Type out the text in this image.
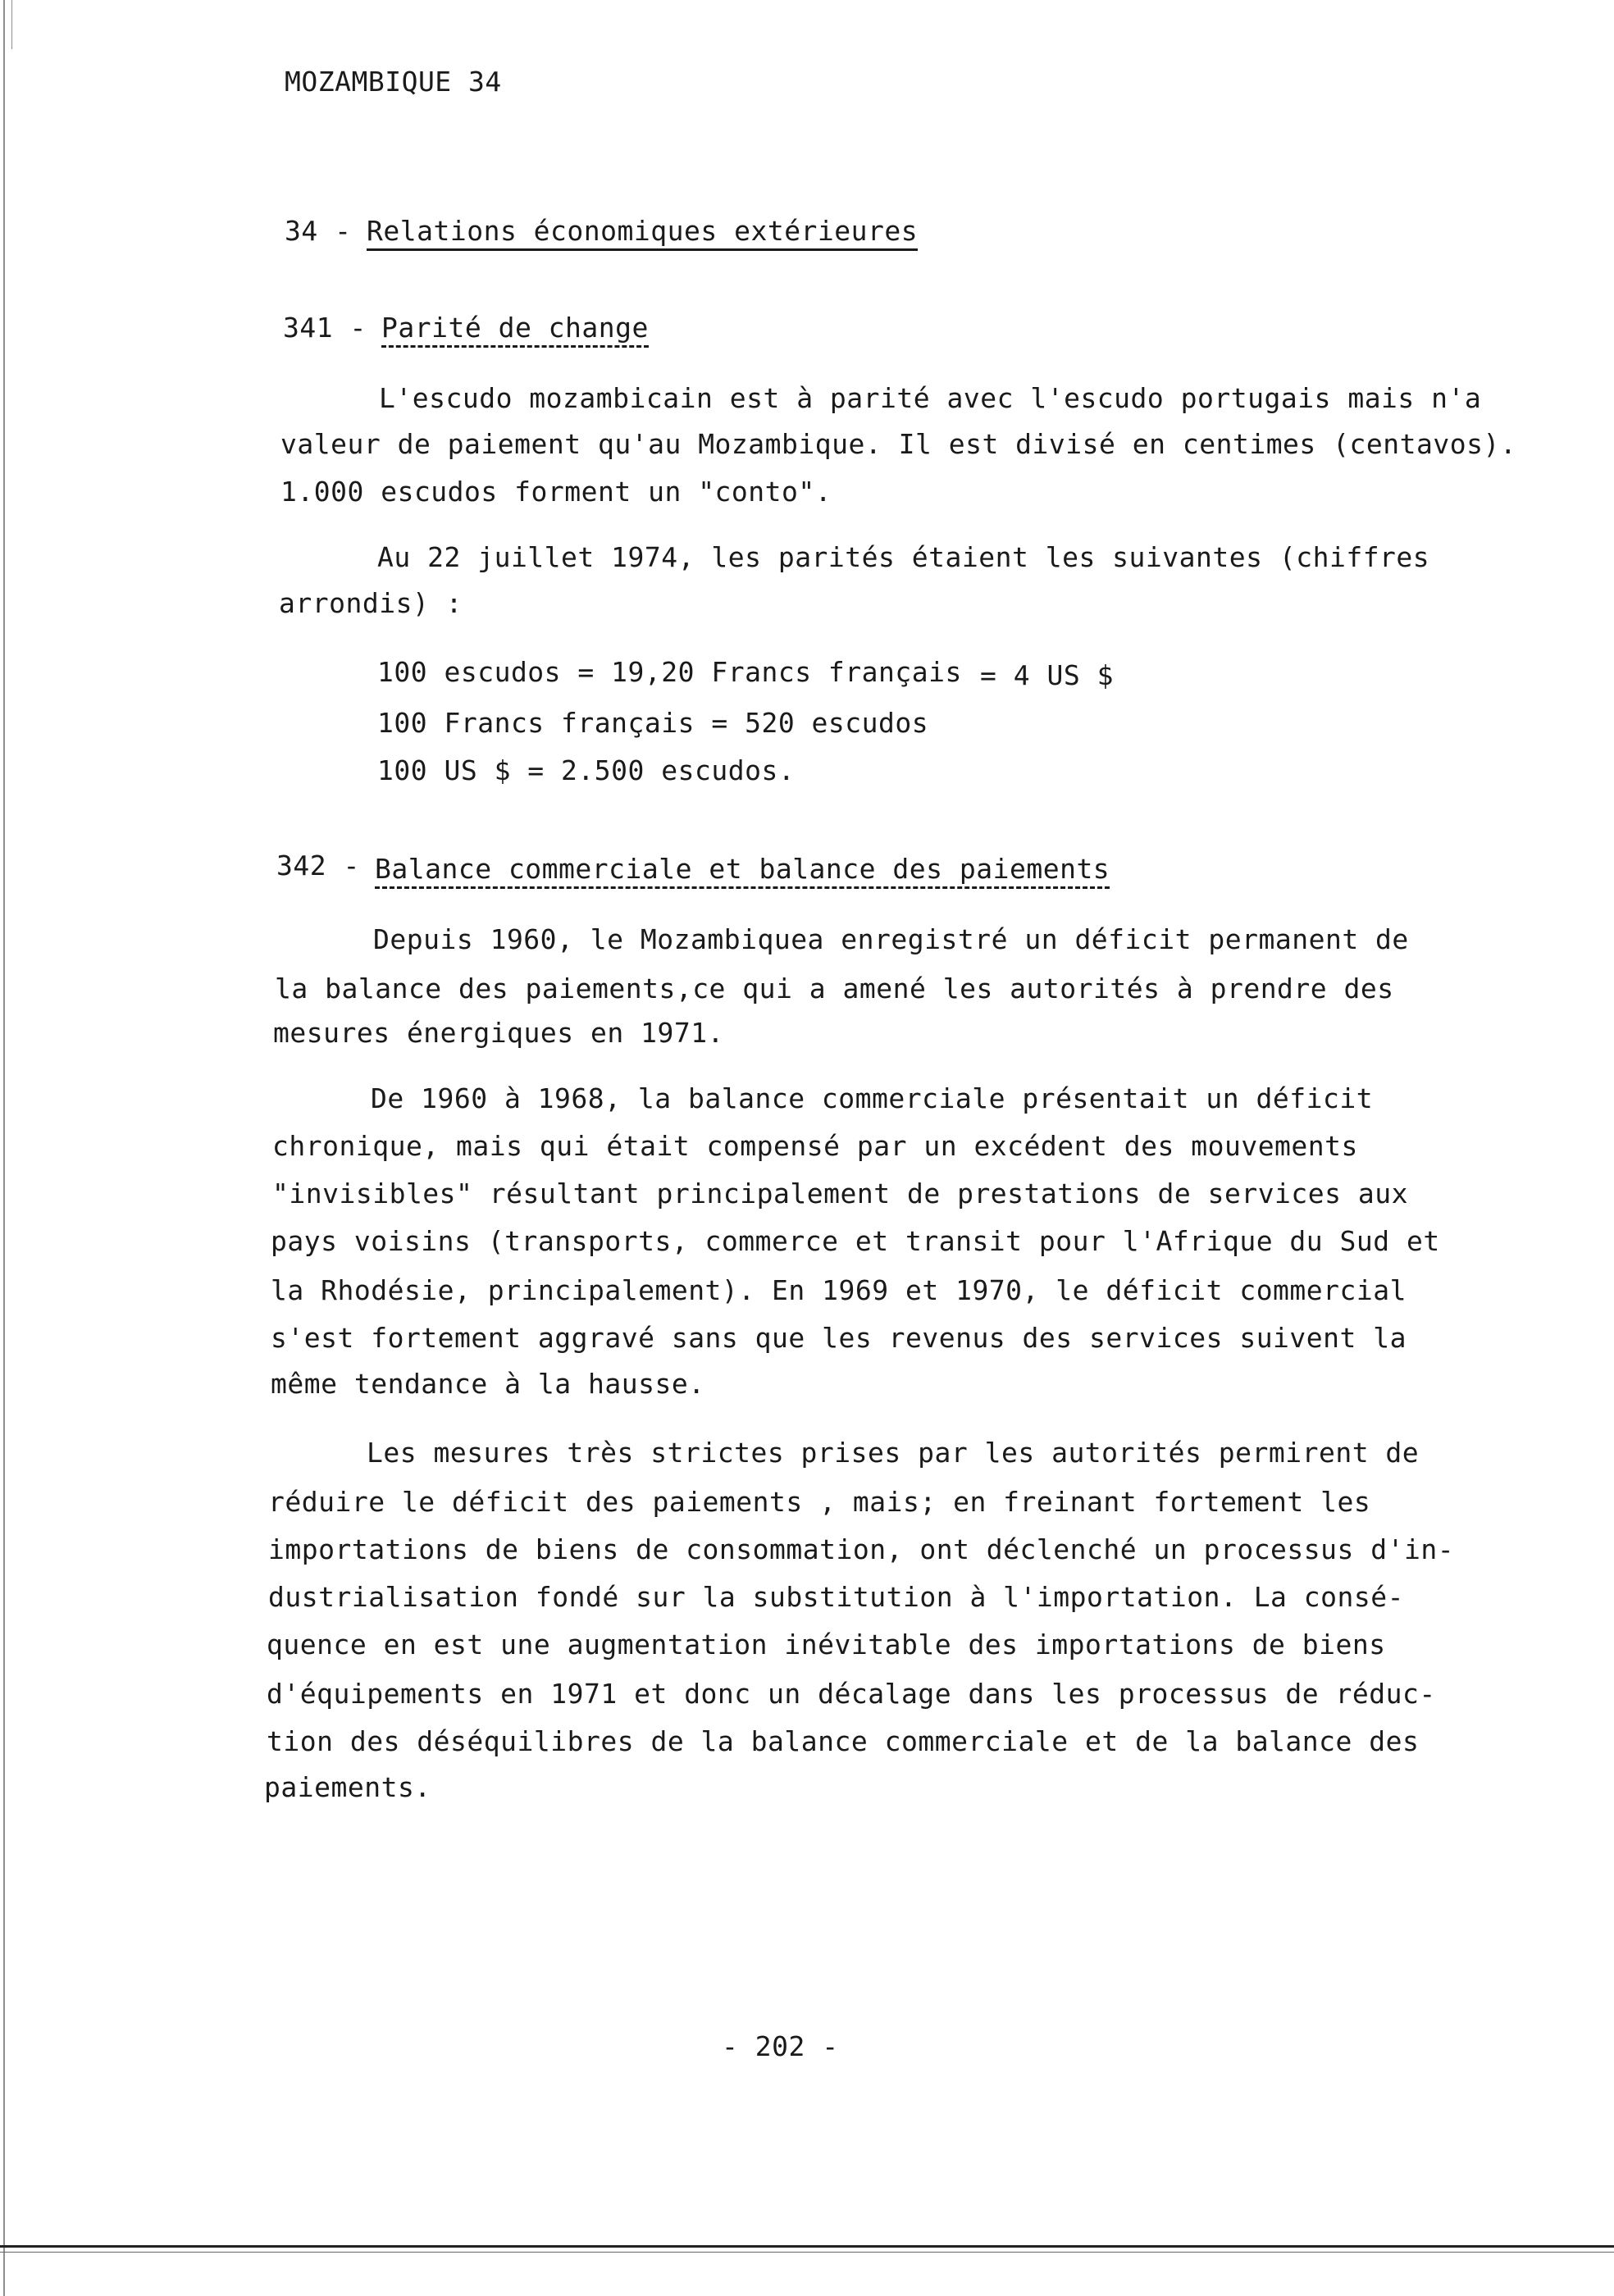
MOZAMBIQUE 34
34 - Relations économiques extérieures
341 - Parité de change
L'escudo mozambicain est à parité avec l'escudo portugais mais n'a
valeur de paiement qu'au Mozambique. Il est divisé en centimes (centavos).
1.000 escudos forment un "conto".
Au 22 juillet 1974, les parités étaient les suivantes (chiffres
arrondis) :
100 escudos = 19,20 Francs français = 4 US $
100 Francs français = 520 escudos
100 US $ = 2.500 escudos.
342 - Balance commerciale et balance des paiements
Depuis 1960, le Mozambiquea enregistré un déficit permanent de
la balance des paiements,ce qui a amené les autorités à prendre des
mesures énergiques en 1971.
De 1960 à 1968, la balance commerciale présentait un déficit
chronique, mais qui était compensé par un excédent des mouvements
"invisibles" résultant principalement de prestations de services aux
pays voisins (transports, commerce et transit pour l'Afrique du Sud et
la Rhodésie, principalement). En 1969 et 1970, le déficit commercial
s'est fortement aggravé sans que les revenus des services suivent la
même tendance à la hausse.
Les mesures très strictes prises par les autorités permirent de
réduire le déficit des paiements , mais; en freinant fortement les
importations de biens de consommation, ont déclenché un processus d'in-
dustrialisation fondé sur la substitution à l'importation. La consé-
quence en est une augmentation inévitable des importations de biens
d'équipements en 1971 et donc un décalage dans les processus de réduc-
tion des déséquilibres de la balance commerciale et de la balance des
paiements.
- 202 -
